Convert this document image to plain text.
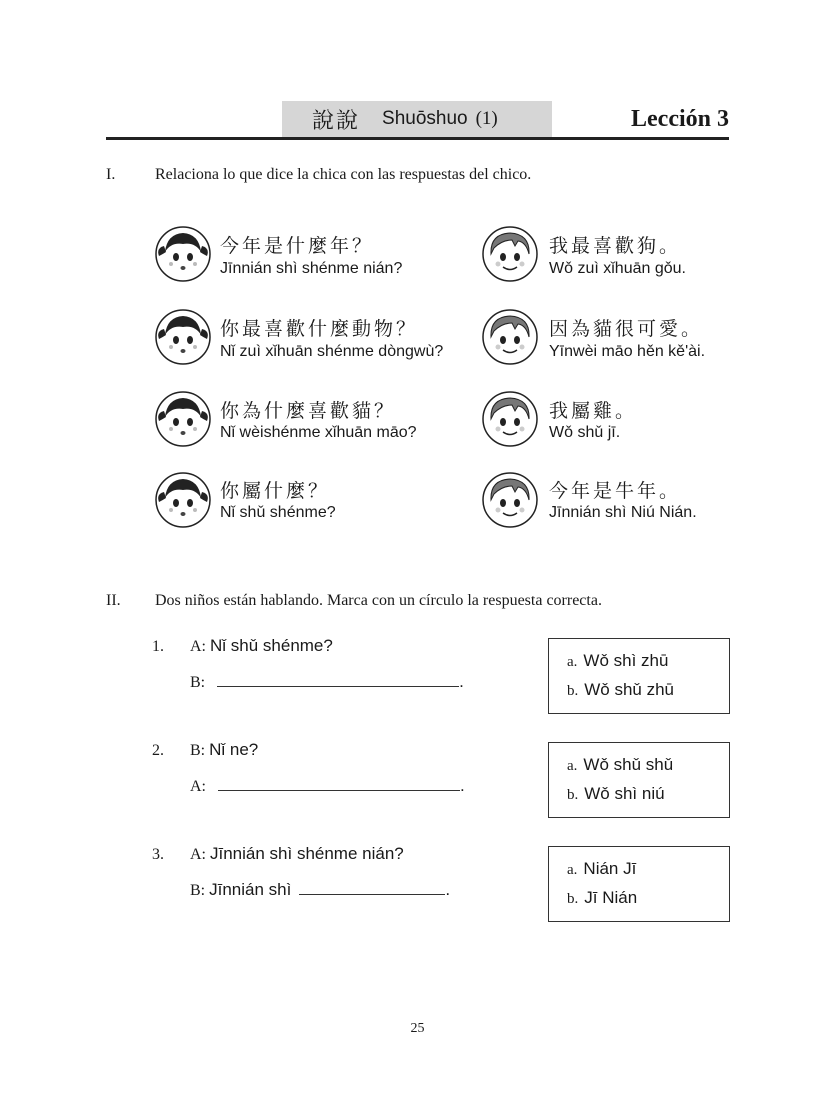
說說 Shuōshuo (1)	Lección 3
I. Relaciona lo que dice la chica con las respuestas del chico.
今年是什麼年？
Jīnnián shì shénme nián?
你最喜歡什麼動物？
Nǐ zuì xǐhuān shénme dòngwù?
你為什麼喜歡貓？
Nǐ wèishénme xǐhuān māo?
你屬什麼？
Nǐ shǔ shénme?
我最喜歡狗。
Wǒ zuì xǐhuān gǒu.
因為貓很可愛。
Yīnwèi māo hěn kě'ài.
我屬雞。
Wǒ shǔ jī.
今年是牛年。
Jīnnián shì Niú Nián.
II. Dos niños están hablando. Marca con un círculo la respuesta correcta.
1. A: Nǐ shǔ shénme?
B:	.
a. Wǒ shì zhū
b. Wǒ shǔ zhū
2. B: Nǐ ne?
A:	.
a. Wǒ shǔ shǔ
b. Wǒ shì niú
3. A: Jīnnián shì shénme nián?
B: Jīnnián shì	.
a. Nián Jī
b. Jī Nián
25
